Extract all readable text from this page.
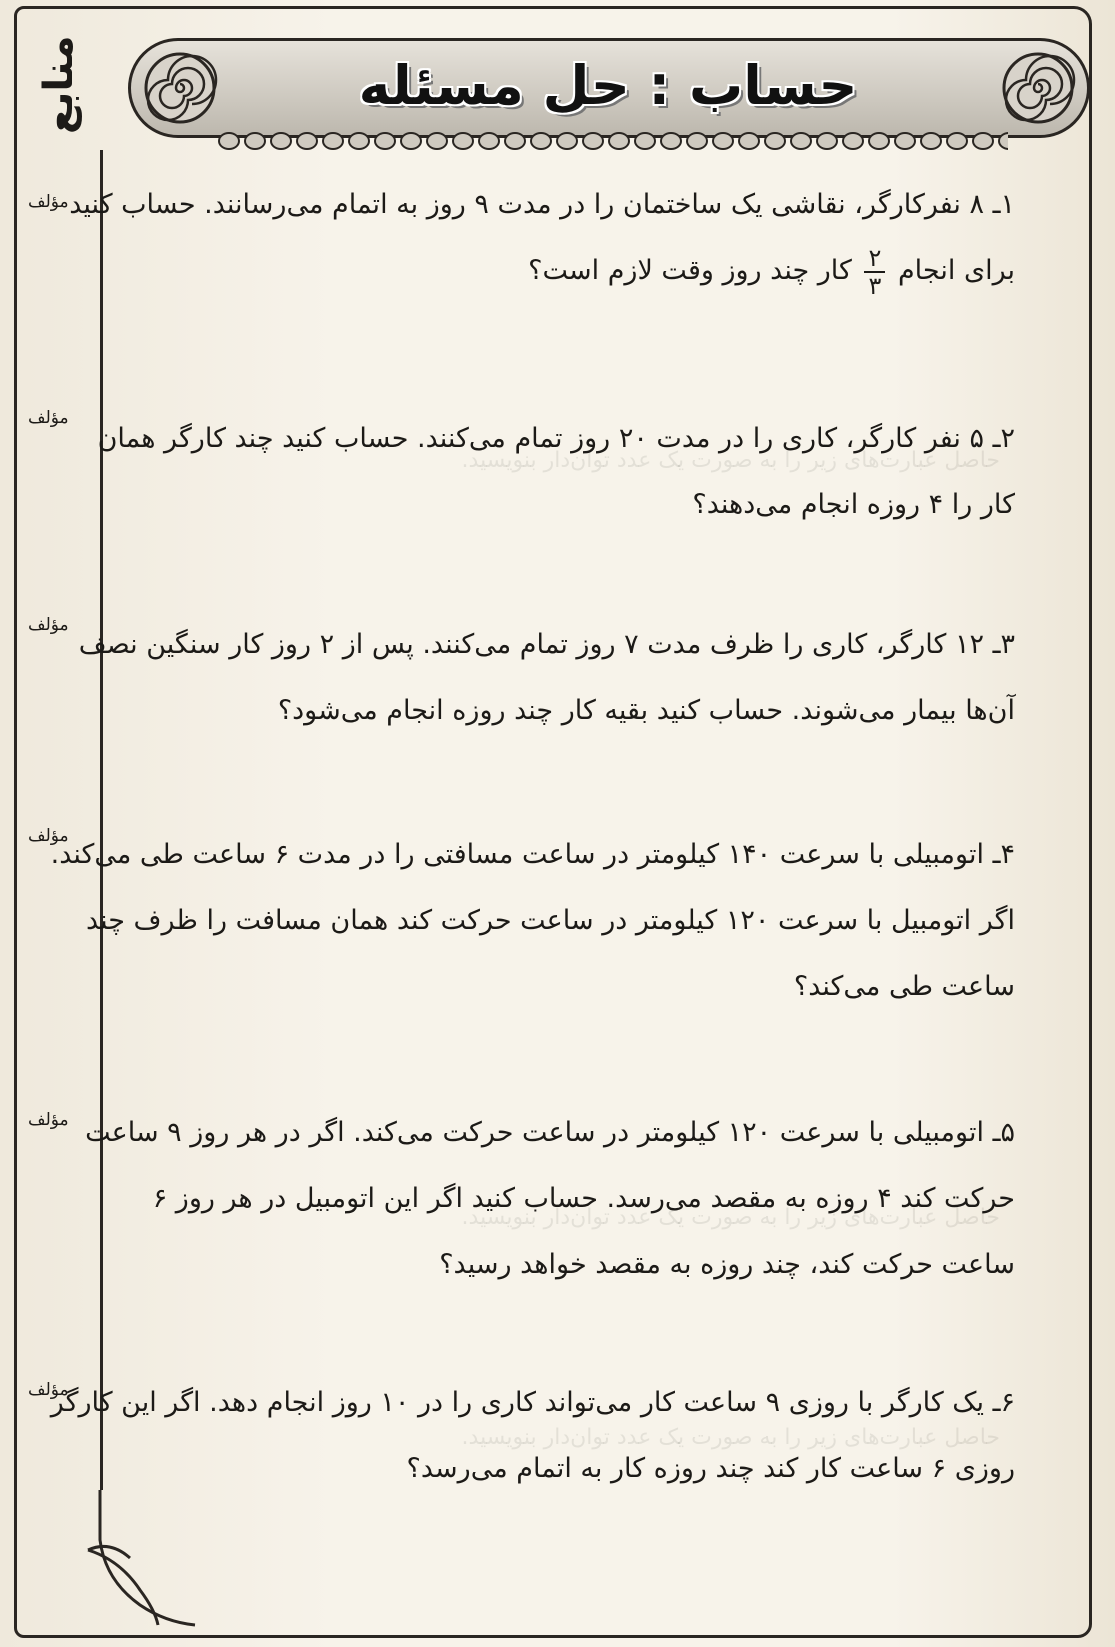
حاصل عبارت‌های زیر را به صورت یک عدد توان‌دار بنویسید.
حاصل عبارت‌های زیر را به صورت یک عدد توان‌دار بنویسید.
حاصل عبارت‌های زیر را به صورت یک عدد توان‌دار بنویسید.
منابع	حساب : حل مسئله
مؤلف ۱ـ ۸ نفرکارگر، نقاشی یک ساختمان را در مدت ۹ روز به اتمام می‌رسانند. حساب کنید
برای انجام
$\frac{۲}{۳}$
کار چند روز وقت لازم است؟
مؤلف
۲ـ ۵ نفر کارگر، کاری را در مدت ۲۰ روز تمام می‌کنند. حساب کنید چند کارگر همان
کار را ۴ روزه انجام می‌دهند؟
مؤلف
۳ـ ۱۲ کارگر، کاری را ظرف مدت ۷ روز تمام می‌کنند. پس از ۲ روز کار سنگین نصف
آن‌ها بیمار می‌شوند. حساب کنید بقیه کار چند روزه انجام می‌شود؟
مؤلف
۴ـ اتومبیلی با سرعت ۱۴۰ کیلومتر در ساعت مسافتی را در مدت ۶ ساعت طی می‌کند.
اگر اتومبیل با سرعت ۱۲۰ کیلومتر در ساعت حرکت کند همان مسافت را ظرف چند
ساعت طی می‌کند؟
مؤلف ۵ـ اتومبیلی با سرعت ۱۲۰ کیلومتر در ساعت حرکت می‌کند. اگر در هر روز ۹ ساعت
حرکت کند ۴ روزه به مقصد می‌رسد. حساب کنید اگر این اتومبیل در هر روز ۶
ساعت حرکت کند، چند روزه به مقصد خواهد رسید؟
مؤلف
۶ـ یک کارگر با روزی ۹ ساعت کار می‌تواند کاری را در ۱۰ روز انجام دهد. اگر این کارگر
روزی ۶ ساعت کار کند چند روزه کار به اتمام می‌رسد؟
